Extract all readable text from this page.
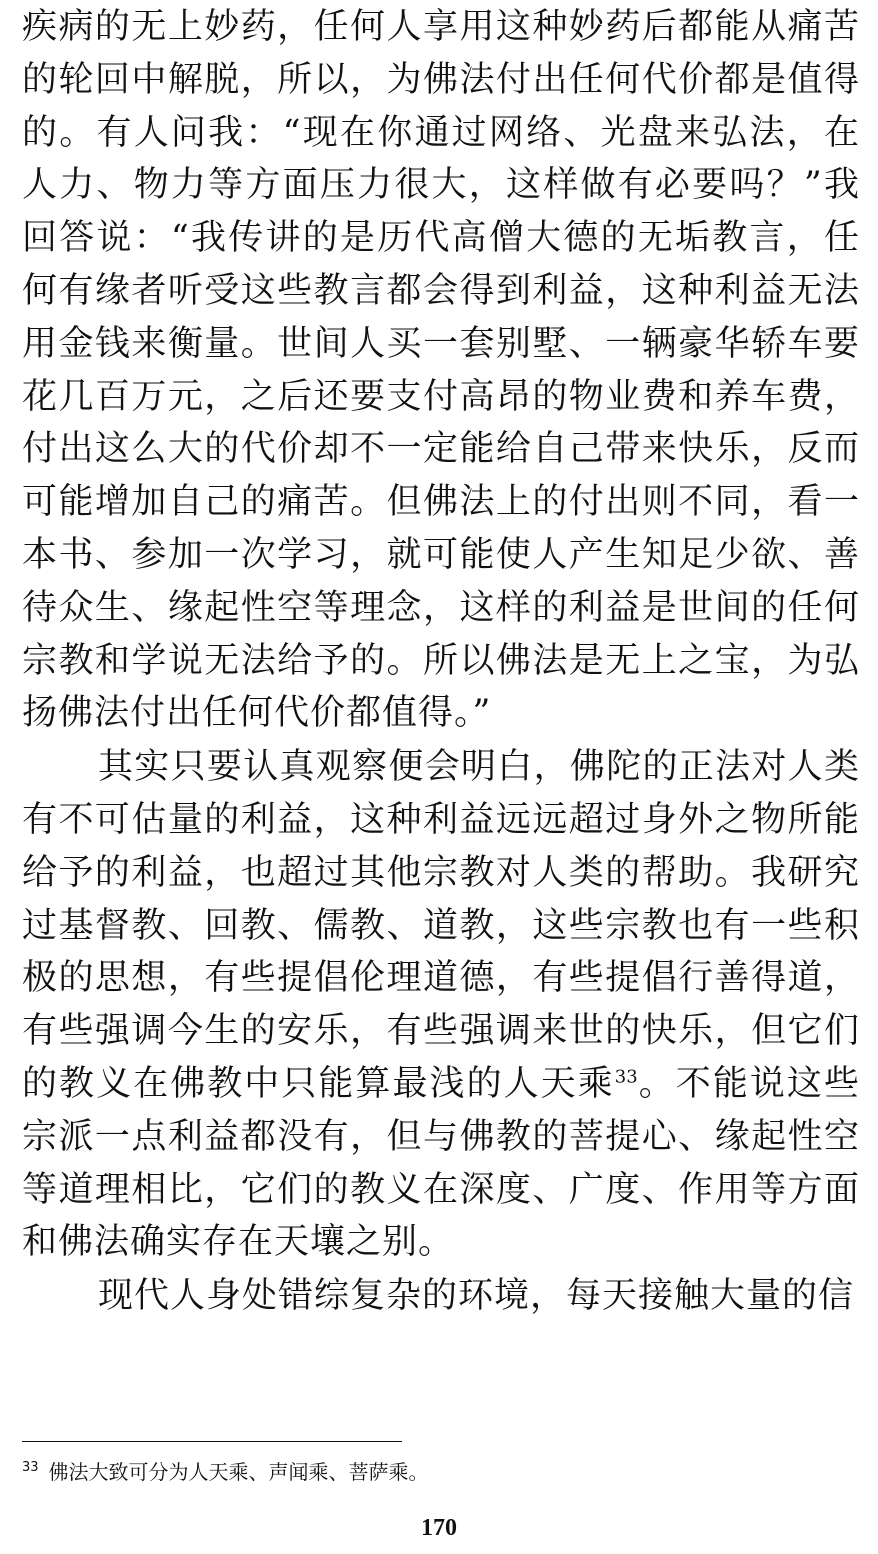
疾病的无上妙药，任何人享用这种妙药后都能从痛苦的轮回中解脱，所以，为佛法付出任何代价都是值得的。有人问我：“现在你通过网络、光盘来弘法，在人力、物力等方面压力很大，这样做有必要吗？”我回答说：“我传讲的是历代高僧大德的无垢教言，任何有缘者听受这些教言都会得到利益，这种利益无法用金钱来衡量。世间人买一套别墅、一辆豪华轿车要花几百万元，之后还要支付高昂的物业费和养车费，付出这么大的代价却不一定能给自己带来快乐，反而可能增加自己的痛苦。但佛法上的付出则不同，看一本书、参加一次学习，就可能使人产生知足少欲、善待众生、缘起性空等理念，这样的利益是世间的任何宗教和学说无法给予的。所以佛法是无上之宝，为弘扬佛法付出任何代价都值得。”

其实只要认真观察便会明白，佛陀的正法对人类有不可估量的利益，这种利益远远超过身外之物所能给予的利益，也超过其他宗教对人类的帮助。我研究过基督教、回教、儒教、道教，这些宗教也有一些积极的思想，有些提倡伦理道德，有些提倡行善得道，有些强调今生的安乐，有些强调来世的快乐，但它们的教义在佛教中只能算最浅的人天乘$^{33}$。不能说这些宗派一点利益都没有，但与佛教的菩提心、缘起性空等道理相比，它们的教义在深度、广度、作用等方面和佛法确实存在天壤之别。

现代人身处错综复杂的环境，每天接触大量的信

$^{33}$ 佛法大致可分为人天乘、声闻乘、菩萨乘。
170
